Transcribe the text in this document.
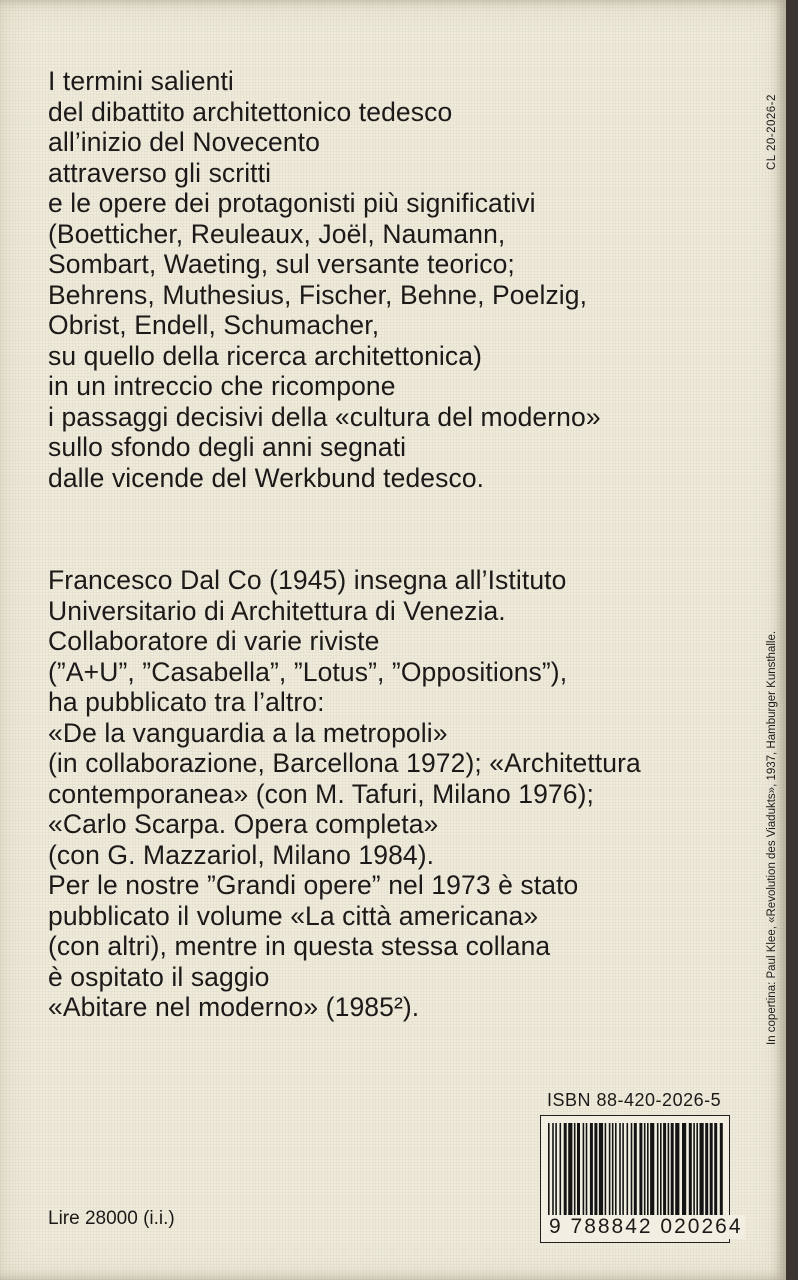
I termini salienti
del dibattito architettonico tedesco
all’inizio del Novecento
attraverso gli scritti
e le opere dei protagonisti più significativi
(Boetticher, Reuleaux, Joël, Naumann,
Sombart, Waeting, sul versante teorico;
Behrens, Muthesius, Fischer, Behne, Poelzig,
Obrist, Endell, Schumacher,
su quello della ricerca architettonica)
in un intreccio che ricompone
i passaggi decisivi della «cultura del moderno»
sullo sfondo degli anni segnati
dalle vicende del Werkbund tedesco.
Francesco Dal Co (1945) insegna all’Istituto
Universitario di Architettura di Venezia.
Collaboratore di varie riviste
(”A+U”, ”Casabella”, ”Lotus”, ”Oppositions”),
ha pubblicato tra l’altro:
«De la vanguardia a la metropoli»
(in collaborazione, Barcellona 1972); «Architettura
contemporanea» (con M. Tafuri, Milano 1976);
«Carlo Scarpa. Opera completa»
(con G. Mazzariol, Milano 1984).
Per le nostre ”Grandi opere” nel 1973 è stato
pubblicato il volume «La città americana»
(con altri), mentre in questa stessa collana
è ospitato il saggio
«Abitare nel moderno» (1985²).
CL 20-2026-2
In copertina: Paul Klee, «Revolution des Viadukts», 1937, Hamburger Kunsthalle.
ISBN 88-420-2026-5
9 788842 020264
Lire 28000 (i.i.)
